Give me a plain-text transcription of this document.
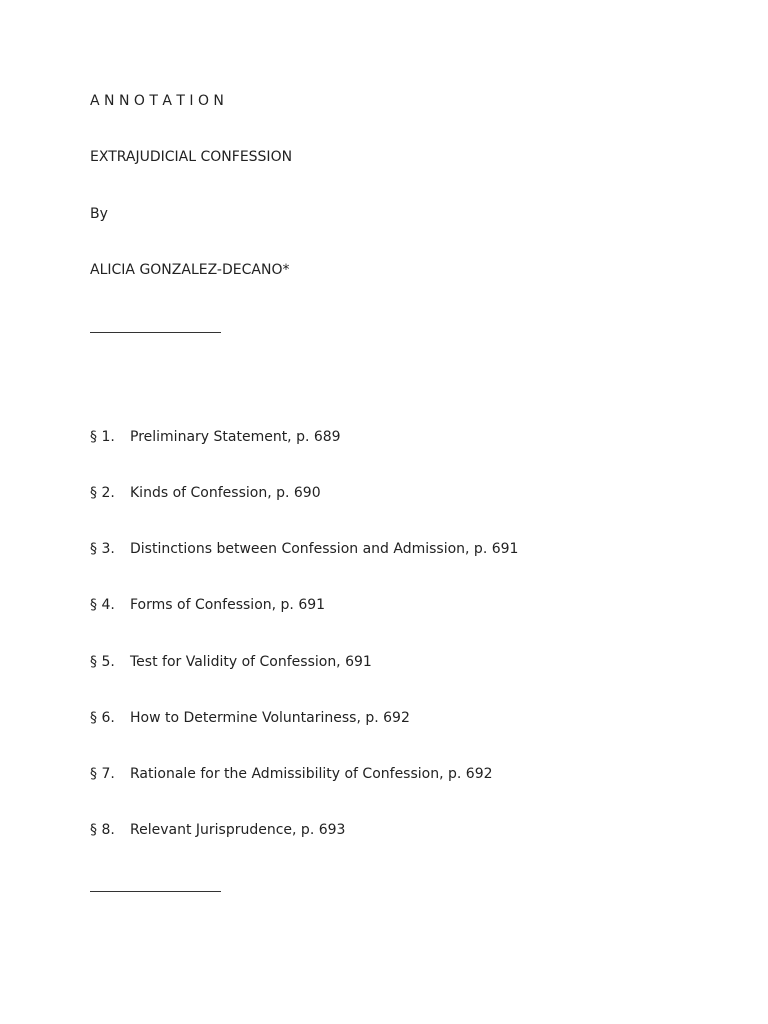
A N N O T A T I O N
EXTRAJUDICIAL CONFESSION
By
ALICIA GONZALEZ-DECANO*
§ 1. Preliminary Statement, p. 689
§ 2. Kinds of Confession, p. 690
§ 3. Distinctions between Confession and Admission, p. 691
§ 4. Forms of Confession, p. 691
§ 5. Test for Validity of Confession, 691
§ 6. How to Determine Voluntariness, p. 692
§ 7. Rationale for the Admissibility of Confession, p. 692
§ 8. Relevant Jurisprudence, p. 693
